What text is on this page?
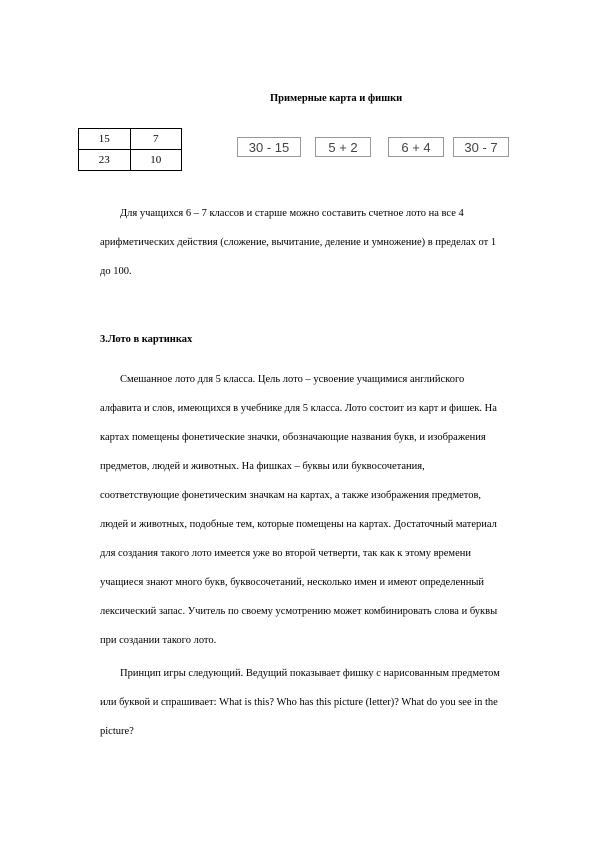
Примерные карта и фишки
15	7
23	10
30 - 15	5 + 2	6 + 4	30 - 7
Для учащихся 6 – 7 классов и старше можно составить счетное лото на все 4
арифметических действия (сложение, вычитание, деление и умножение) в пределах от 1
до 100.
3.Лото в картинках
Смешанное лото для 5 класса. Цель лото – усвоение учащимися английского
алфавита и слов, имеющихся в учебнике для 5 класса. Лото состоит из карт и фишек. На
картах помещены фонетические значки, обозначающие названия букв, и изображения
предметов, людей и животных. На фишках – буквы или буквосочетания,
соответствующие фонетическим значкам на картах, а также изображения предметов,
людей и животных, подобные тем, которые помещены на картах. Достаточный материал
для создания такого лото имеется уже во второй четверти, так как к этому времени
учащиеся знают много букв, буквосочетаний, несколько имен и имеют определенный
лексический запас. Учитель по своему усмотрению может комбинировать слова и буквы
при создании такого лото.
Принцип игры следующий. Ведущий показывает фишку с нарисованным предметом
или буквой и спрашивает: What is this? Who has this picture (letter)? What do you see in the
picture?
